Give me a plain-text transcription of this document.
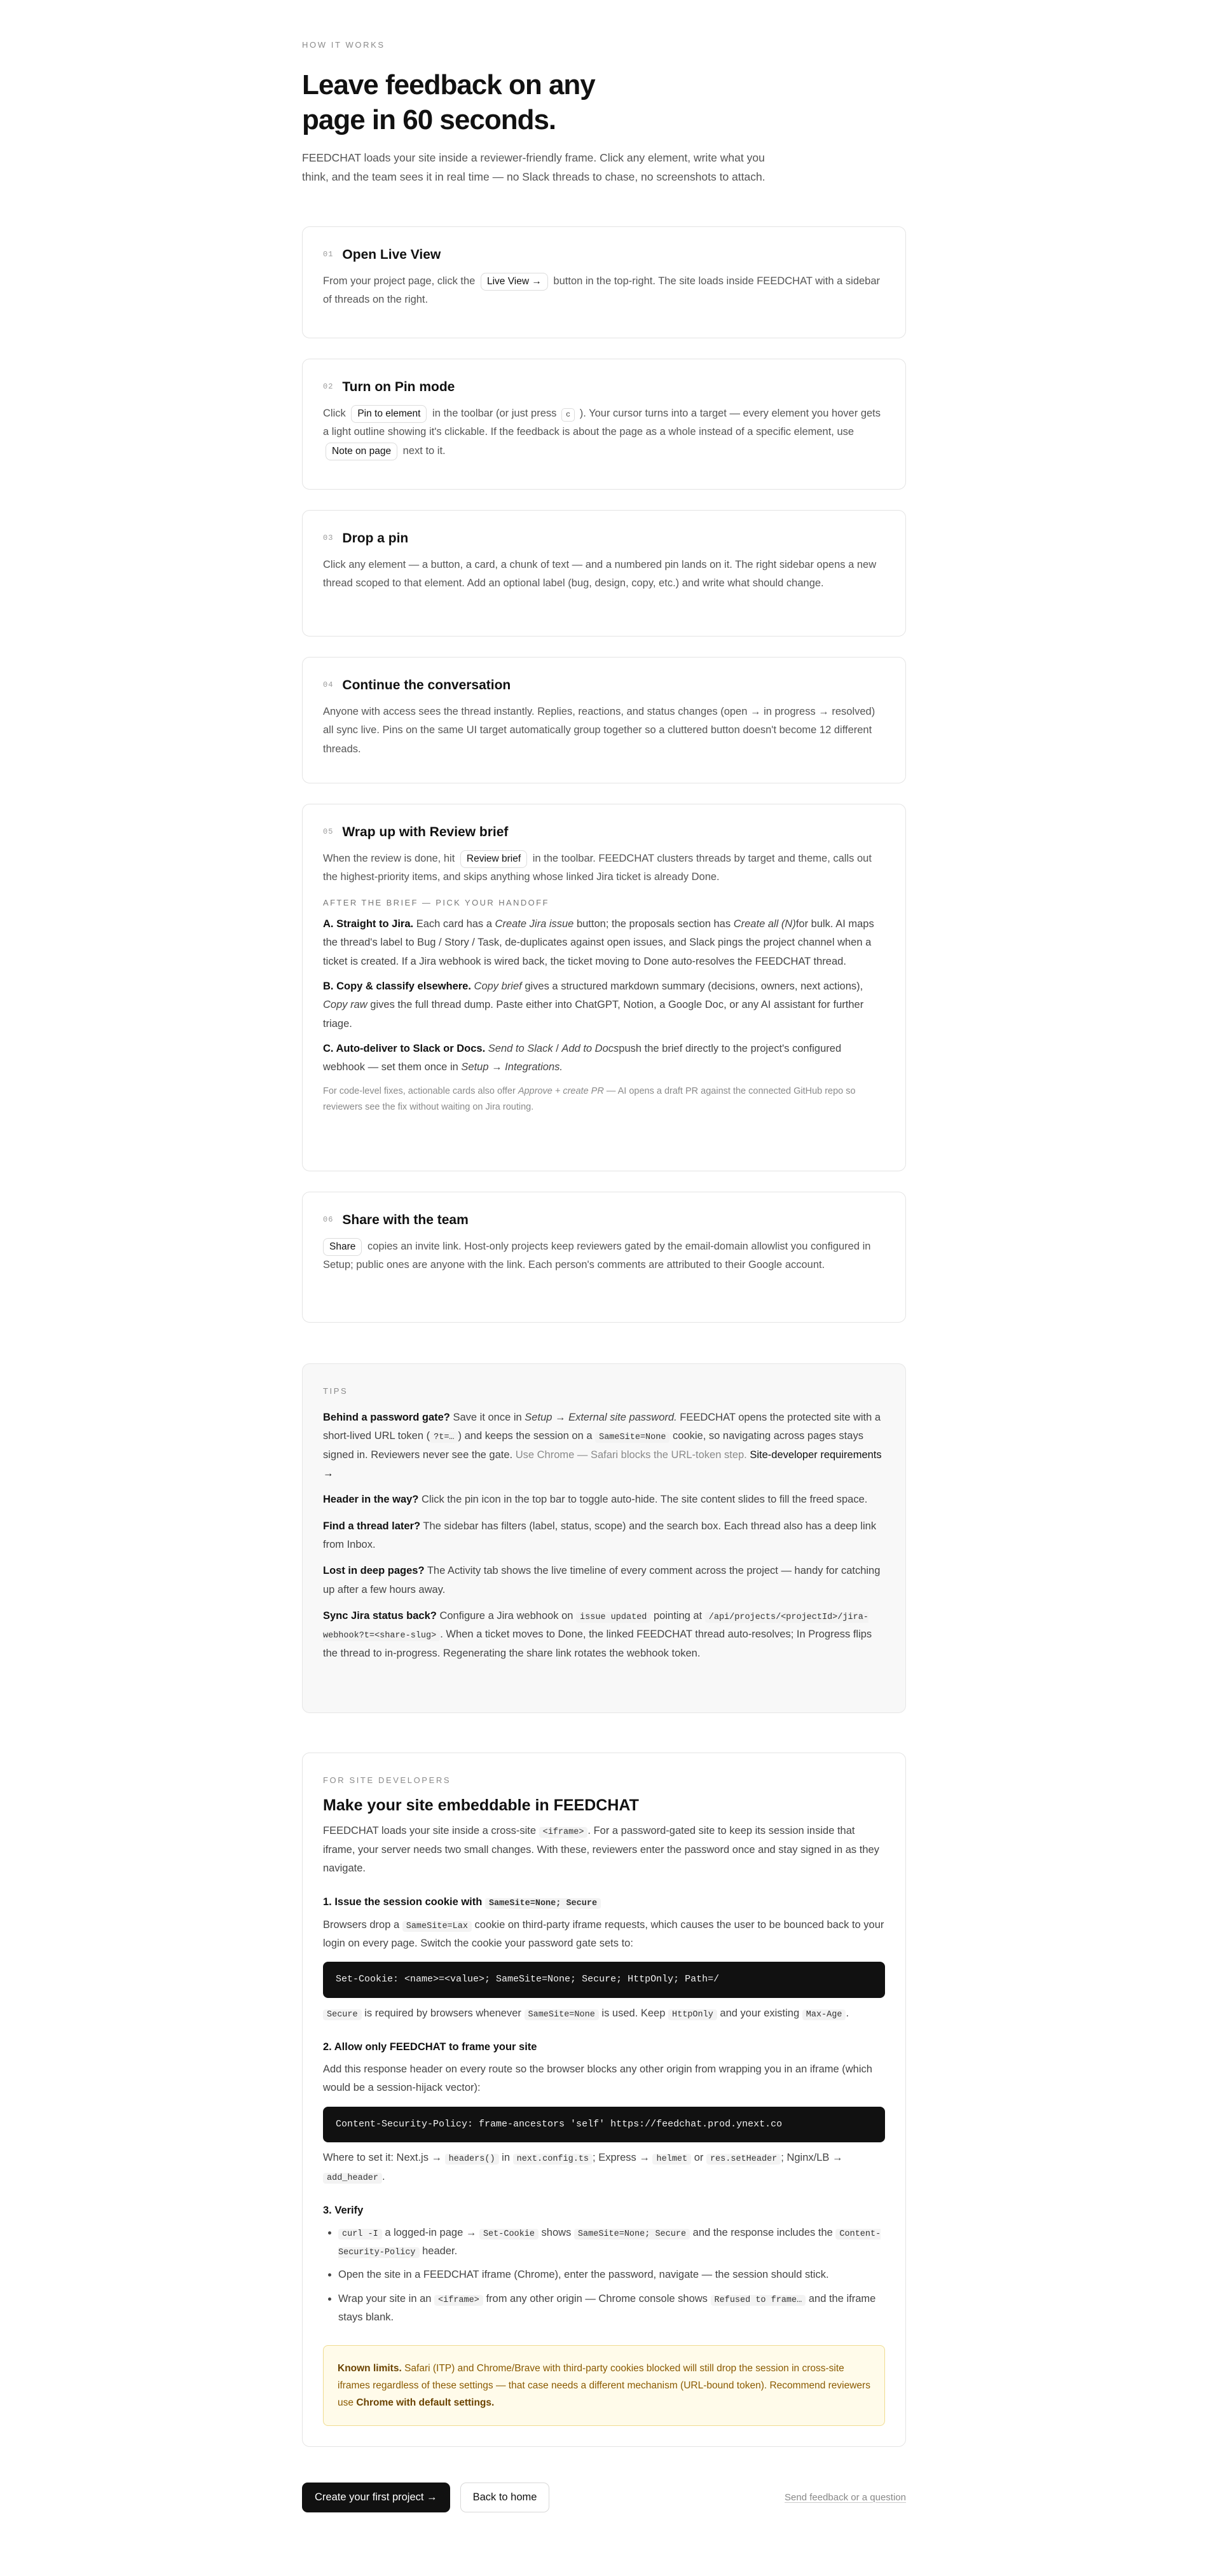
HOW IT WORKS
Leave feedback on any page in 60 seconds.

FEEDCHAT loads your site inside a reviewer-friendly frame. Click any element, write what you think, and the team sees it in real time — no Slack threads to chase, no screenshots to attach.

01 Open Live View

From your project page, click the Live View → button in the top-right. The site loads inside FEEDCHAT with a sidebar of threads on the right.

02 Turn on Pin mode

Click Pin to element in the toolbar (or just press c ). Your cursor turns into a target — every element you hover gets a light outline showing it's clickable. If the feedback is about the page as a whole instead of a specific element, use Note on page next to it.

03 Drop a pin

Click any element — a button, a card, a chunk of text — and a numbered pin lands on it. The right sidebar opens a new thread scoped to that element. Add an optional label (bug, design, copy, etc.) and write what should change.

04 Continue the conversation

Anyone with access sees the thread instantly. Replies, reactions, and status changes (open → in progress → resolved) all sync live. Pins on the same UI target automatically group together so a cluttered button doesn't become 12 different threads.

05 Wrap up with Review brief

When the review is done, hit Review brief in the toolbar. FEEDCHAT clusters threads by target and theme, calls out the highest-priority items, and skips anything whose linked Jira ticket is already Done.

AFTER THE BRIEF — PICK YOUR HANDOFF

A. Straight to Jira. Each card has a Create Jira issue button; the proposals section has Create all (N)for bulk. AI maps the thread's label to Bug / Story / Task, de-duplicates against open issues, and Slack pings the project channel when a ticket is created. If a Jira webhook is wired back, the ticket moving to Done auto-resolves the FEEDCHAT thread.

B. Copy & classify elsewhere. Copy brief gives a structured markdown summary (decisions, owners, next actions), Copy raw gives the full thread dump. Paste either into ChatGPT, Notion, a Google Doc, or any AI assistant for further triage.

C. Auto-deliver to Slack or Docs. Send to Slack / Add to Docspush the brief directly to the project's configured webhook — set them once in Setup → Integrations.

For code-level fixes, actionable cards also offer Approve + create PR — AI opens a draft PR against the connected GitHub repo so reviewers see the fix without waiting on Jira routing.

06 Share with the team

Share copies an invite link. Host-only projects keep reviewers gated by the email-domain allowlist you configured in Setup; public ones are anyone with the link. Each person's comments are attributed to their Google account.

TIPS

Behind a password gate? Save it once in Setup → External site password. FEEDCHAT opens the protected site with a short-lived URL token ( ?t=… ) and keeps the session on a SameSite=None cookie, so navigating across pages stays signed in. Reviewers never see the gate. Use Chrome — Safari blocks the URL-token step. Site-developer requirements →

Header in the way? Click the pin icon in the top bar to toggle auto-hide. The site content slides to fill the freed space.

Find a thread later? The sidebar has filters (label, status, scope) and the search box. Each thread also has a deep link from Inbox.

Lost in deep pages? The Activity tab shows the live timeline of every comment across the project — handy for catching up after a few hours away.

Sync Jira status back? Configure a Jira webhook on issue updated pointing at /api/projects/<projectId>/jira-webhook?t=<share-slug> . When a ticket moves to Done, the linked FEEDCHAT thread auto-resolves; In Progress flips the thread to in-progress. Regenerating the share link rotates the webhook token.

FOR SITE DEVELOPERS
Make your site embeddable in FEEDCHAT

FEEDCHAT loads your site inside a cross-site <iframe> . For a password-gated site to keep its session inside that iframe, your server needs two small changes. With these, reviewers enter the password once and stay signed in as they navigate.

1. Issue the session cookie with SameSite=None; Secure

Browsers drop a SameSite=Lax cookie on third-party iframe requests, which causes the user to be bounced back to your login on every page. Switch the cookie your password gate sets to:

Set-Cookie: <name>=<value>; SameSite=None; Secure; HttpOnly; Path=/

Secure is required by browsers whenever SameSite=None is used. Keep HttpOnly and your existing Max-Age .

2. Allow only FEEDCHAT to frame your site

Add this response header on every route so the browser blocks any other origin from wrapping you in an iframe (which would be a session-hijack vector):

Content-Security-Policy: frame-ancestors 'self' https://feedchat.prod.ynext.co

Where to set it: Next.js → headers() in next.config.ts ; Express → helmet or res.setHeader ; Nginx/LB → add_header .

3. Verify
• curl -I a logged-in page → Set-Cookie shows SameSite=None; Secure and the response includes the Content-Security-Policy header.
• Open the site in a FEEDCHAT iframe (Chrome), enter the password, navigate — the session should stick.
• Wrap your site in an <iframe> from any other origin — Chrome console shows Refused to frame… and the iframe stays blank.
Known limits. Safari (ITP) and Chrome/Brave with third-party cookies blocked will still drop the session in cross-site iframes regardless of these settings — that case needs a different mechanism (URL-bound token). Recommend reviewers use Chrome with default settings.
Create your first project →	Back to home	Send feedback or a question
